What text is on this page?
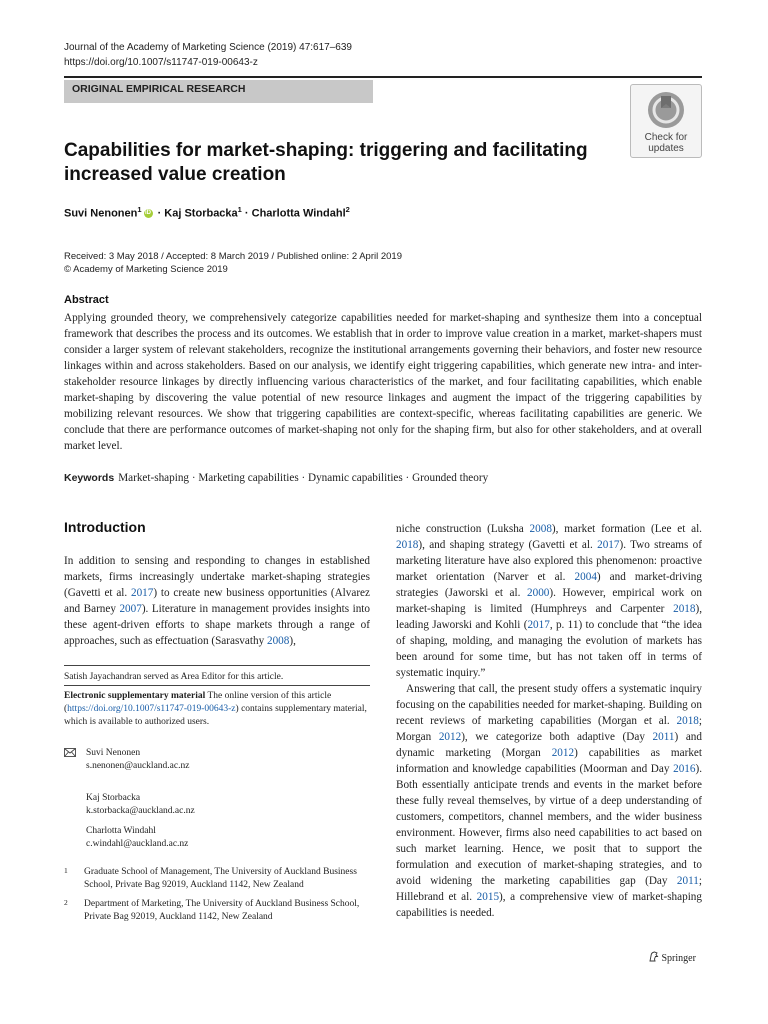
Journal of the Academy of Marketing Science (2019) 47:617–639
https://doi.org/10.1007/s11747-019-00643-z
ORIGINAL EMPIRICAL RESEARCH
Check for
updates
Capabilities for market-shaping: triggering and facilitating increased value creation
Suvi Nenonen$^1$ iD · Kaj Storbacka$^1$ · Charlotta Windahl$^2$
Received: 3 May 2018 / Accepted: 8 March 2019 / Published online: 2 April 2019
© Academy of Marketing Science 2019
Abstract
Applying grounded theory, we comprehensively categorize capabilities needed for market-shaping and synthesize them into a conceptual framework that describes the process and its outcomes. We establish that in order to improve value creation in a market, market-shapers must consider a larger system of relevant stakeholders, recognize the institutional arrangements governing their behaviors, and foster new resource linkages within and across stakeholders. Based on our analysis, we identify eight triggering capabilities, which generate new intra- and inter-stakeholder resource linkages by directly influencing various characteristics of the market, and four facilitating capabilities, which enable market-shaping by discovering the value potential of new resource linkages and augment the impact of the triggering capabilities by mobilizing relevant resources. We show that triggering capabilities are context-specific, whereas facilitating capabilities are generic. We conclude that there are performance outcomes of market-shaping not only for the shaping firm, but also for other stakeholders, and at overall market level.
Keywords Market-shaping · Marketing capabilities · Dynamic capabilities · Grounded theory
Introduction
In addition to sensing and responding to changes in established markets, firms increasingly undertake market-shaping strategies (Gavetti et al. 2017) to create new business opportunities (Alvarez and Barney 2007). Literature in management provides insights into these agent-driven efforts to shape markets through a range of approaches, such as effectuation (Sarasvathy 2008),
Satish Jayachandran served as Area Editor for this article.
Electronic supplementary material The online version of this article (https://doi.org/10.1007/s11747-019-00643-z) contains supplementary material, which is available to authorized users.
Suvi Nenonen
s.nenonen@auckland.ac.nz
Kaj Storbacka
k.storbacka@auckland.ac.nz
Charlotta Windahl
c.windahl@auckland.ac.nz
1 Graduate School of Management, The University of Auckland Business School, Private Bag 92019, Auckland 1142, New Zealand
2 Department of Marketing, The University of Auckland Business School, Private Bag 92019, Auckland 1142, New Zealand

niche construction (Luksha 2008), market formation (Lee et al. 2018), and shaping strategy (Gavetti et al. 2017). Two streams of marketing literature have also explored this phenomenon: proactive market orientation (Narver et al. 2004) and market-driving strategies (Jaworski et al. 2000). However, empirical work on market-shaping is limited (Humphreys and Carpenter 2018), leading Jaworski and Kohli (2017, p. 11) to conclude that “the idea of shaping, molding, and managing the evolution of markets has been around for some time, but has not taken off in terms of systematic inquiry.”

Answering that call, the present study offers a systematic inquiry focusing on the capabilities needed for market-shaping. Building on recent reviews of marketing capabilities (Morgan et al. 2018; Morgan 2012), we categorize both adaptive (Day 2011) and dynamic marketing (Morgan 2012) capabilities as market information and knowledge capabilities (Moorman and Day 2016). Both essentially anticipate trends and events in the market before these fully reveal themselves, by virtue of a deep understanding of customers, competitors, channel members, and the wider business environment. However, firms also need capabilities to act based on such market learning. Hence, we posit that to support the formulation and execution of market-shaping strategies, and to avoid widening the marketing capabilities gap (Day 2011; Hillebrand et al. 2015), a comprehensive view of market-shaping capabilities is needed.

Springer
